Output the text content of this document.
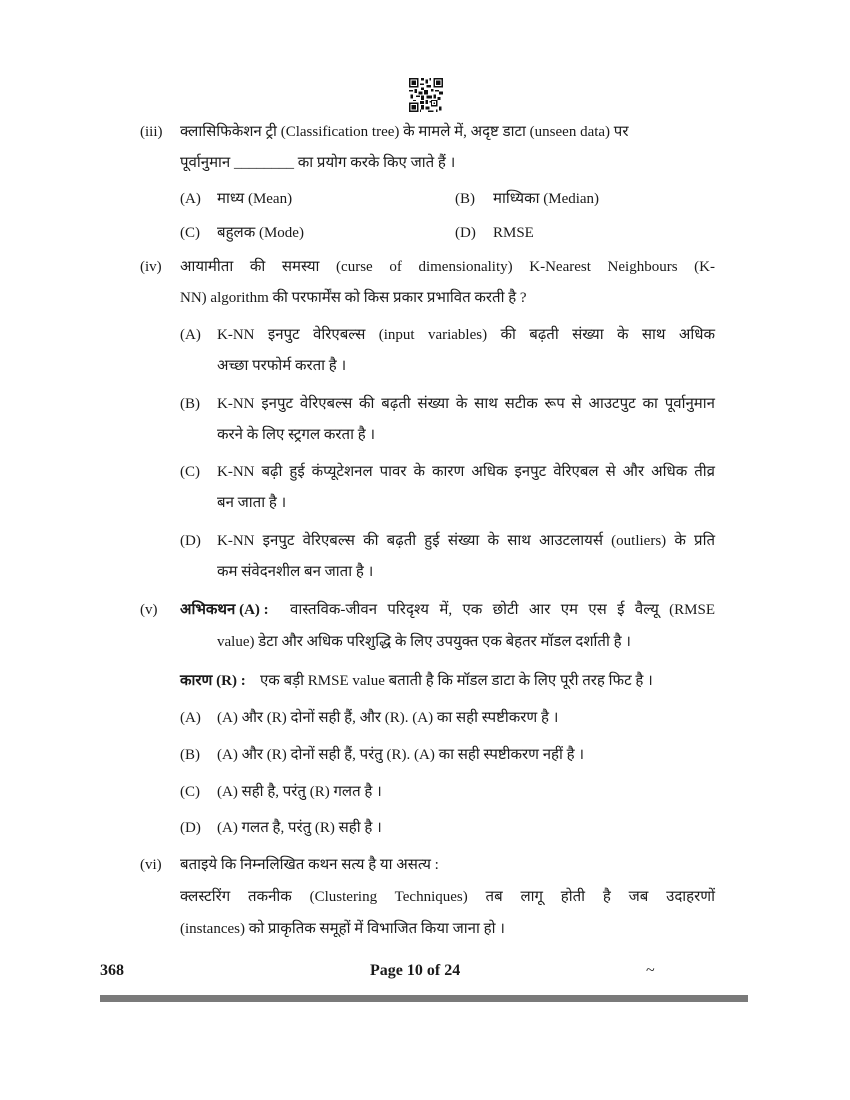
(iii) क्लासिफिकेशन ट्री (Classification tree) के मामले में, अदृष्ट डाटा (unseen data) पर
पूर्वानुमान ________ का प्रयोग करके किए जाते हैं ।
(A) माध्य (Mean)	(B) माध्यिका (Median)
(C) बहुलक (Mode)	(D) RMSE
(iv) आयामीता की समस्या (curse of dimensionality) K-Nearest Neighbours (K-
NN) algorithm की परफार्मेंस को किस प्रकार प्रभावित करती है ?
(A) K-NN इनपुट वेरिएबल्स (input variables) की बढ़ती संख्या के साथ अधिक
अच्छा परफोर्म करता है ।
(B) K-NN इनपुट वेरिएबल्स की बढ़ती संख्या के साथ सटीक रूप से आउटपुट का पूर्वानुमान
करने के लिए स्ट्रगल करता है ।
(C) K-NN बढ़ी हुई कंप्यूटेशनल पावर के कारण अधिक इनपुट वेरिएबल से और अधिक तीव्र
बन जाता है ।
(D) K-NN इनपुट वेरिएबल्स की बढ़ती हुई संख्या के साथ आउटलायर्स (outliers) के प्रति
कम संवेदनशील बन जाता है ।
(v) अभिकथन (A) : वास्तविक-जीवन परिदृश्य में, एक छोटी आर एम एस ई वैल्यू (RMSE
value) डेटा और अधिक परिशुद्धि के लिए उपयुक्त एक बेहतर मॉडल दर्शाती है ।
कारण (R) : एक बड़ी RMSE value बताती है कि मॉडल डाटा के लिए पूरी तरह फिट है ।
(A) (A) और (R) दोनों सही हैं, और (R). (A) का सही स्पष्टीकरण है ।
(B) (A) और (R) दोनों सही हैं, परंतु (R). (A) का सही स्पष्टीकरण नहीं है ।
(C) (A) सही है, परंतु (R) गलत है ।
(D) (A) गलत है, परंतु (R) सही है ।
(vi) बताइये कि निम्नलिखित कथन सत्य है या असत्य :
क्लस्टरिंग तकनीक (Clustering Techniques) तब लागू होती है जब उदाहरणों
(instances) को प्राकृतिक समूहों में विभाजित किया जाना हो ।
368	Page 10 of 24	~
